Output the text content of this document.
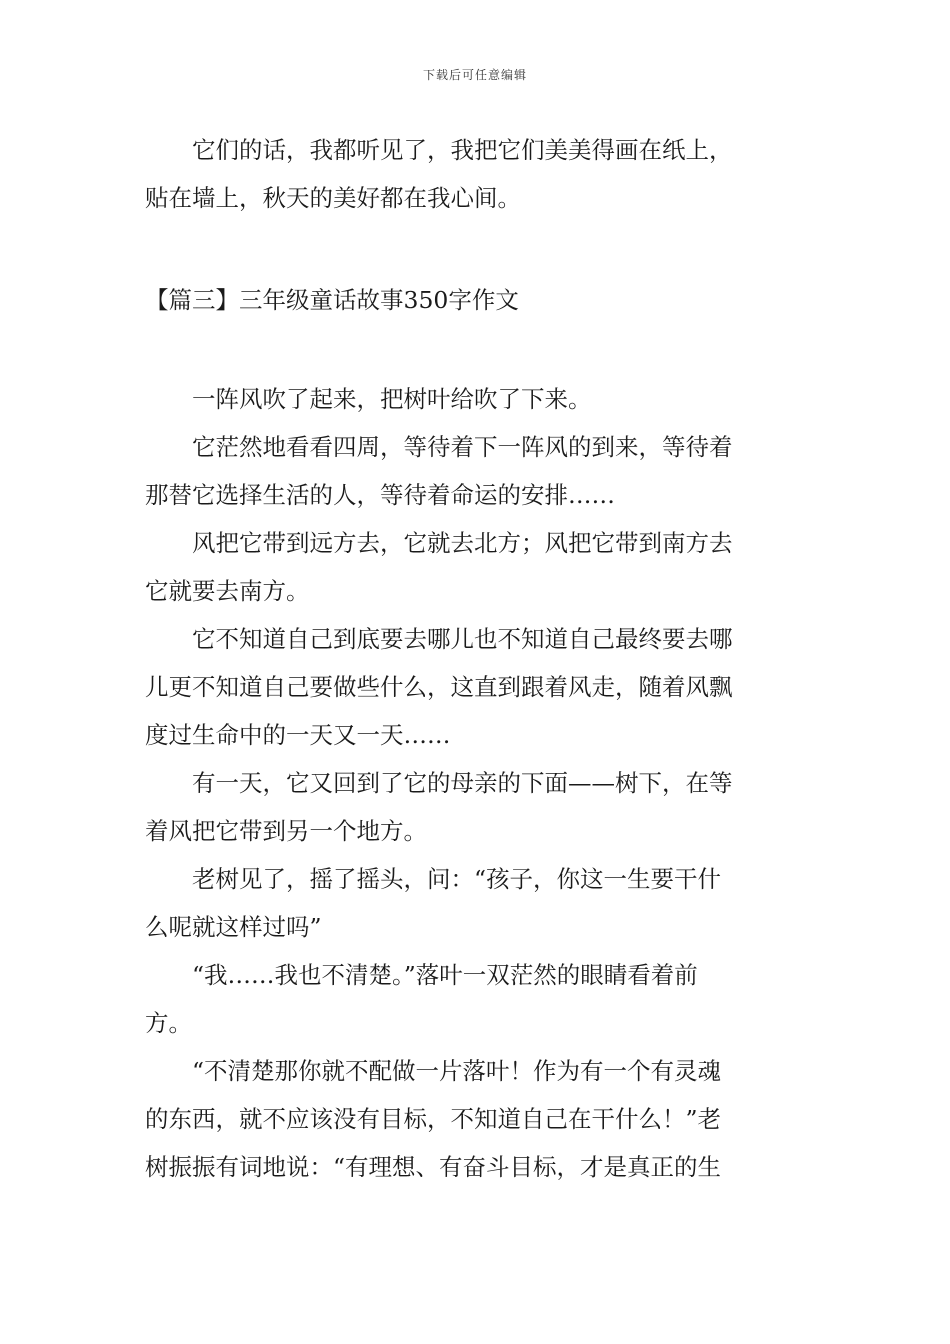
下载后可任意编辑

它们的话，我都听见了，我把它们美美得画在纸上，
贴在墙上，秋天的美好都在我心间。

【篇三】三年级童话故事350字作文

一阵风吹了起来，把树叶给吹了下来。

它茫然地看看四周，等待着下一阵风的到来，等待着
那替它选择生活的人，等待着命运的安排……

风把它带到远方去，它就去北方；风把它带到南方去
它就要去南方。

它不知道自己到底要去哪儿也不知道自己最终要去哪
儿更不知道自己要做些什么，这直到跟着风走，随着风飘
度过生命中的一天又一天……

有一天，它又回到了它的母亲的下面——树下，在等
着风把它带到另一个地方。

老树见了，摇了摇头，问：“孩子，你这一生要干什
么呢就这样过吗”

“我……我也不清楚。”落叶一双茫然的眼睛看着前
方。

“不清楚那你就不配做一片落叶！作为有一个有灵魂
的东西，就不应该没有目标，不知道自己在干什么！”老
树振振有词地说：“有理想、有奋斗目标，才是真正的生
